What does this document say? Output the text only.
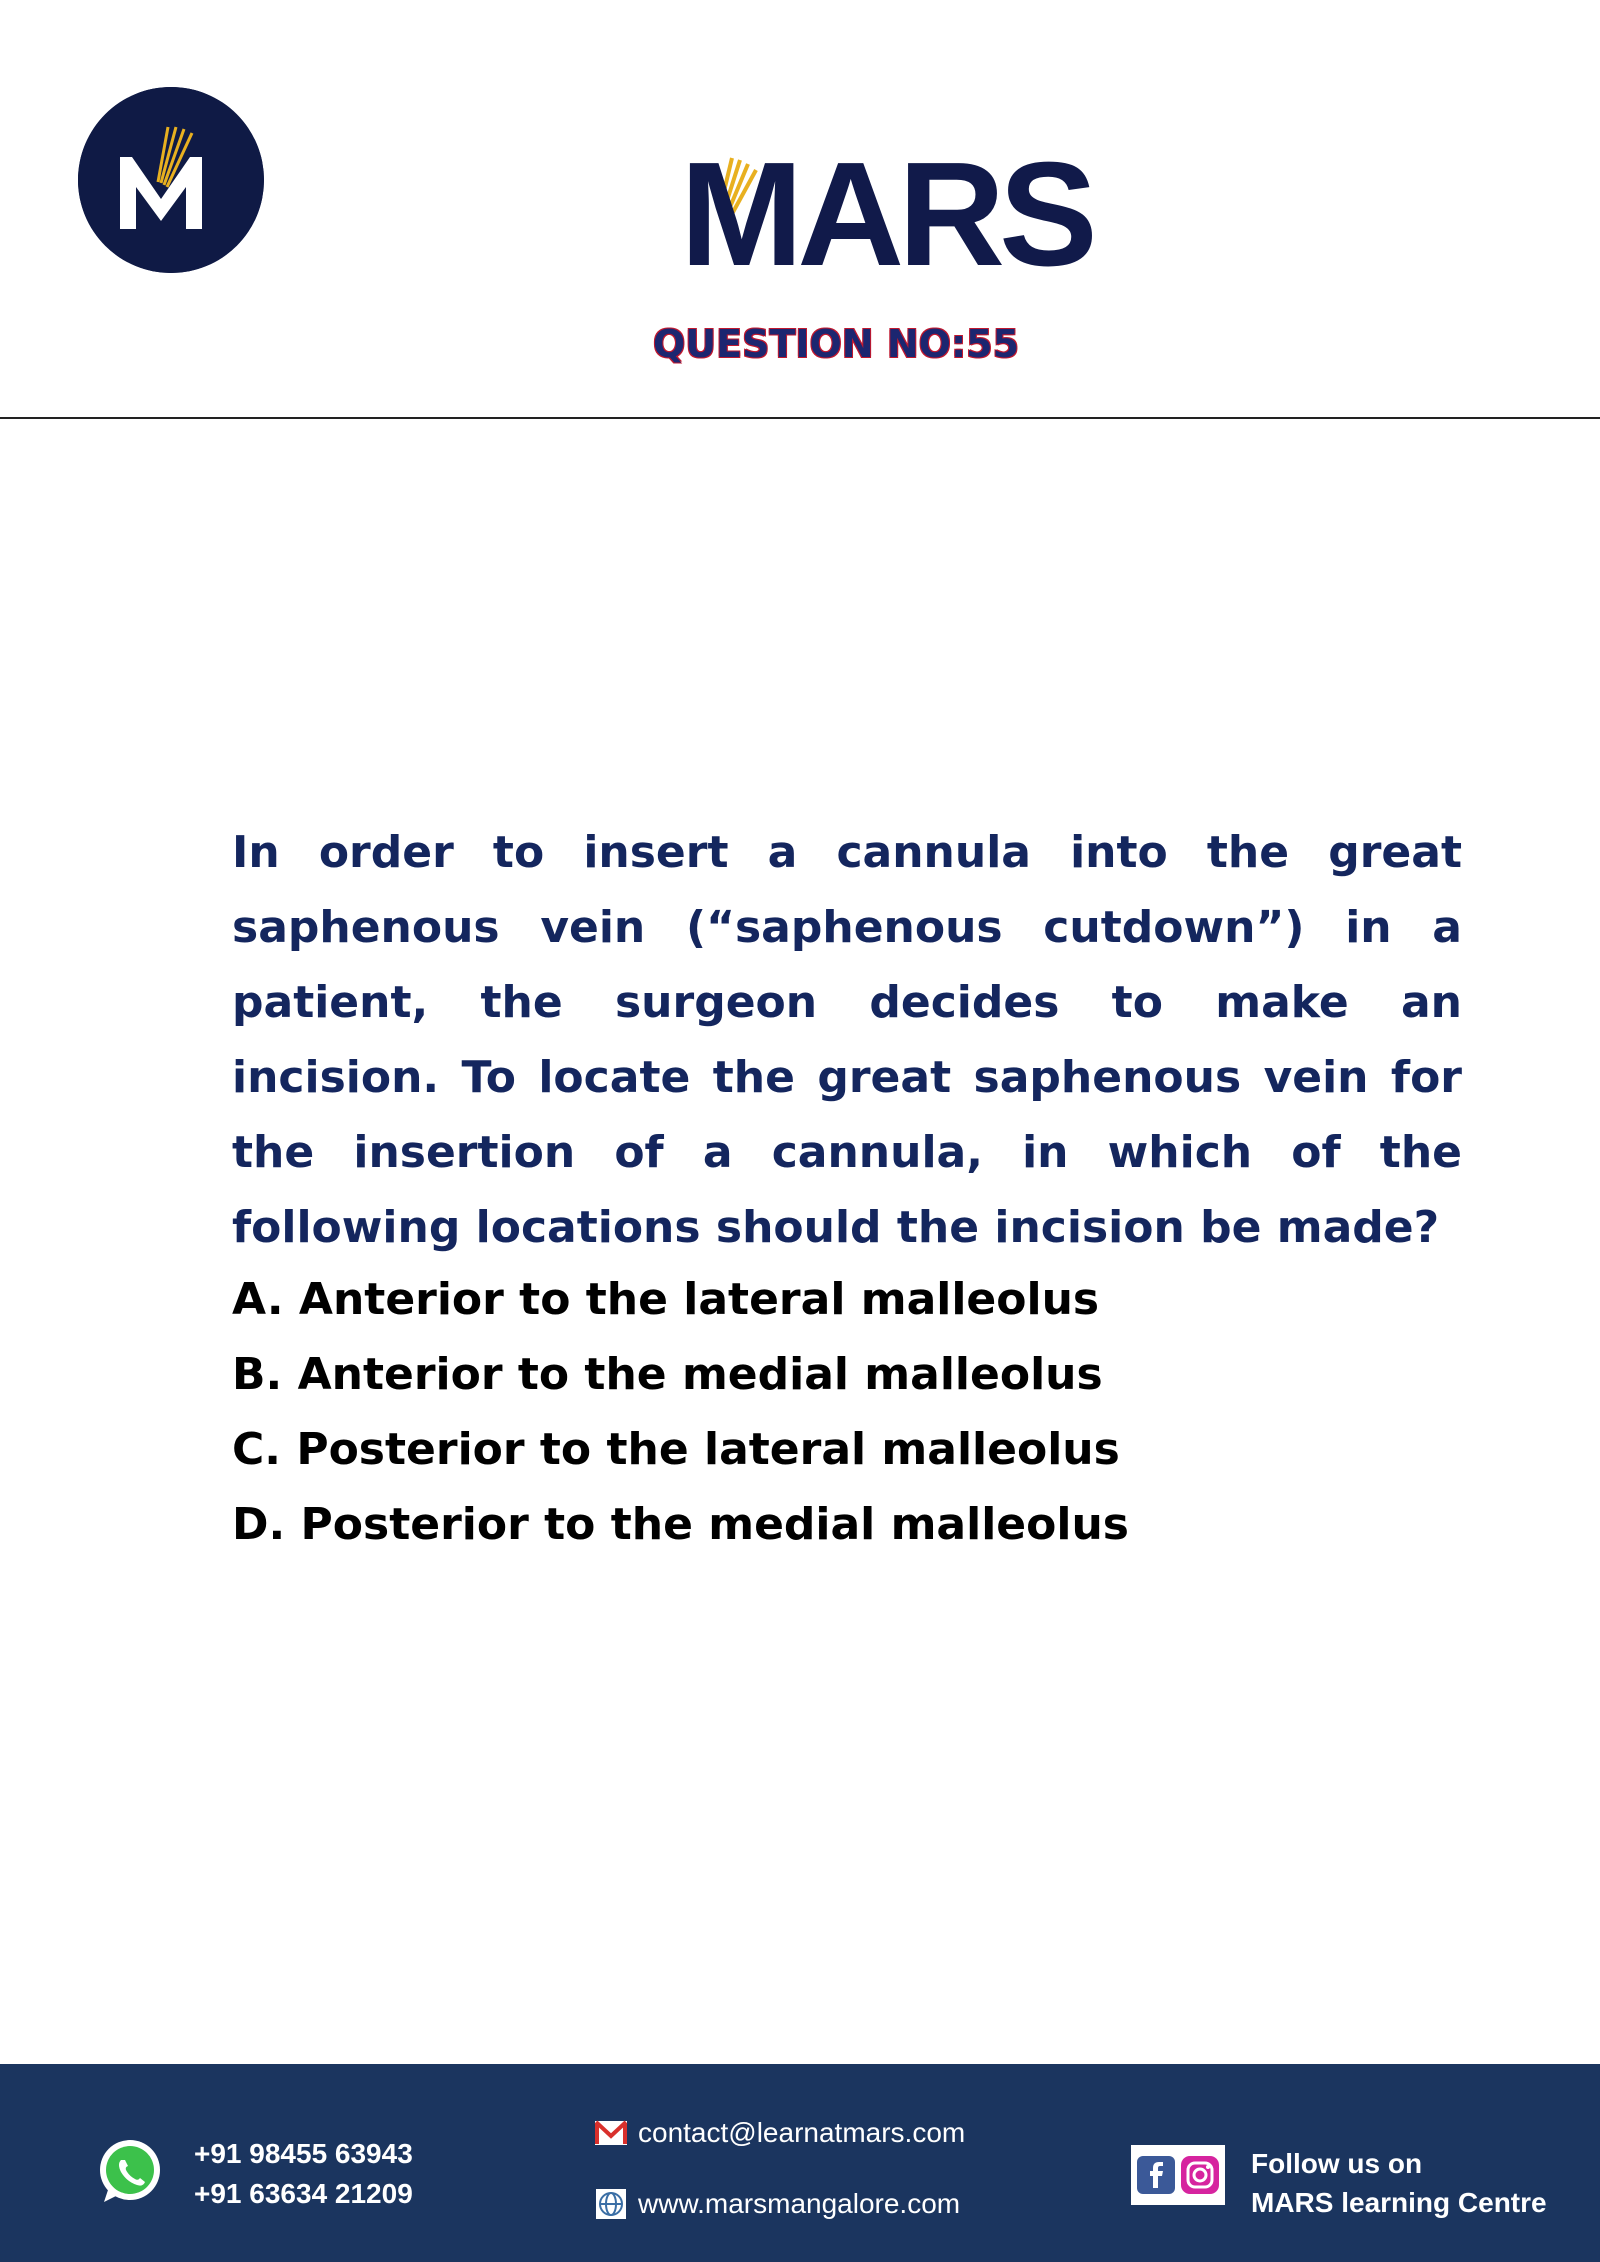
MARS
QUESTION NO:55

In order to insert a cannula into the great saphenous vein (“saphenous cutdown”) in a patient, the surgeon decides to make an incision. To locate the great saphenous vein for the insertion of a cannula, in which of the following locations should the incision be made?

A. Anterior to the lateral malleolus
B. Anterior to the medial malleolus
C. Posterior to the lateral malleolus
D. Posterior to the medial malleolus
+91 98455 63943
+91 63634 21209
contact@learnatmars.com
www.marsmangalore.com
Follow us on
MARS learning Centre
